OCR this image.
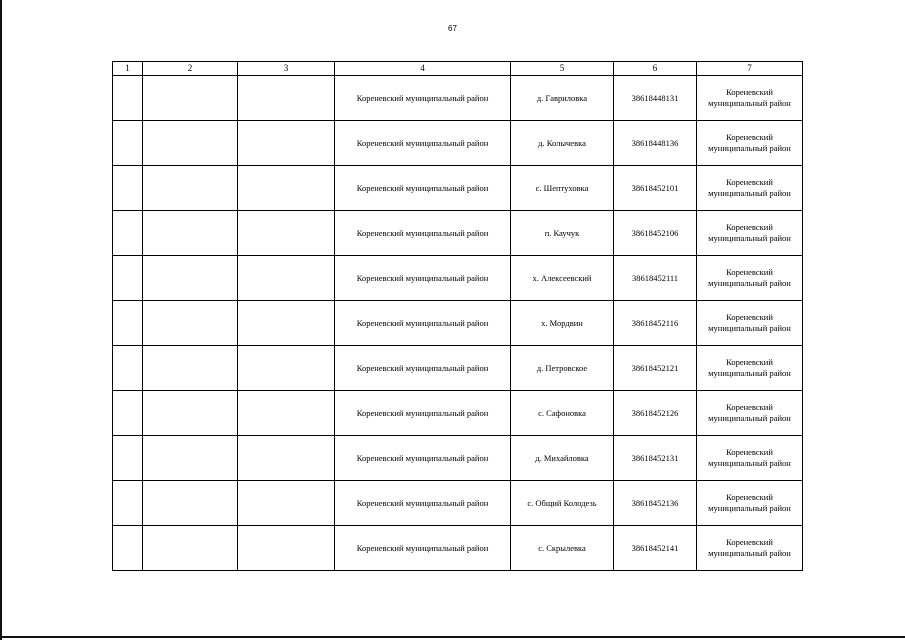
67
1	2	3	4	5	6	7
			Кореневский муниципальный район	д. Гавриловка	38618448131	Кореневский
муниципальный район

			Кореневский муниципальный район	д. Колычевка	38618448136	Кореневский
муниципальный район

			Кореневский муниципальный район	с. Шептуховка	38618452101	Кореневский
муниципальный район

			Кореневский муниципальный район	п. Каучук	38618452106	Кореневский
муниципальный район

			Кореневский муниципальный район	х. Алексеевский	38618452111	Кореневский
муниципальный район

			Кореневский муниципальный район	х. Мордвин	38618452116	Кореневский
муниципальный район

			Кореневский муниципальный район	д. Петровское	38618452121	Кореневский
муниципальный район

			Кореневский муниципальный район	с. Сафоновка	38618452126	Кореневский
муниципальный район

			Кореневский муниципальный район	д. Михайловка	38618452131	Кореневский
муниципальный район

			Кореневский муниципальный район	с. Общий Колодезь	38618452136	Кореневский
муниципальный район

			Кореневский муниципальный район	с. Скрылевка	38618452141	Кореневский
муниципальный район
